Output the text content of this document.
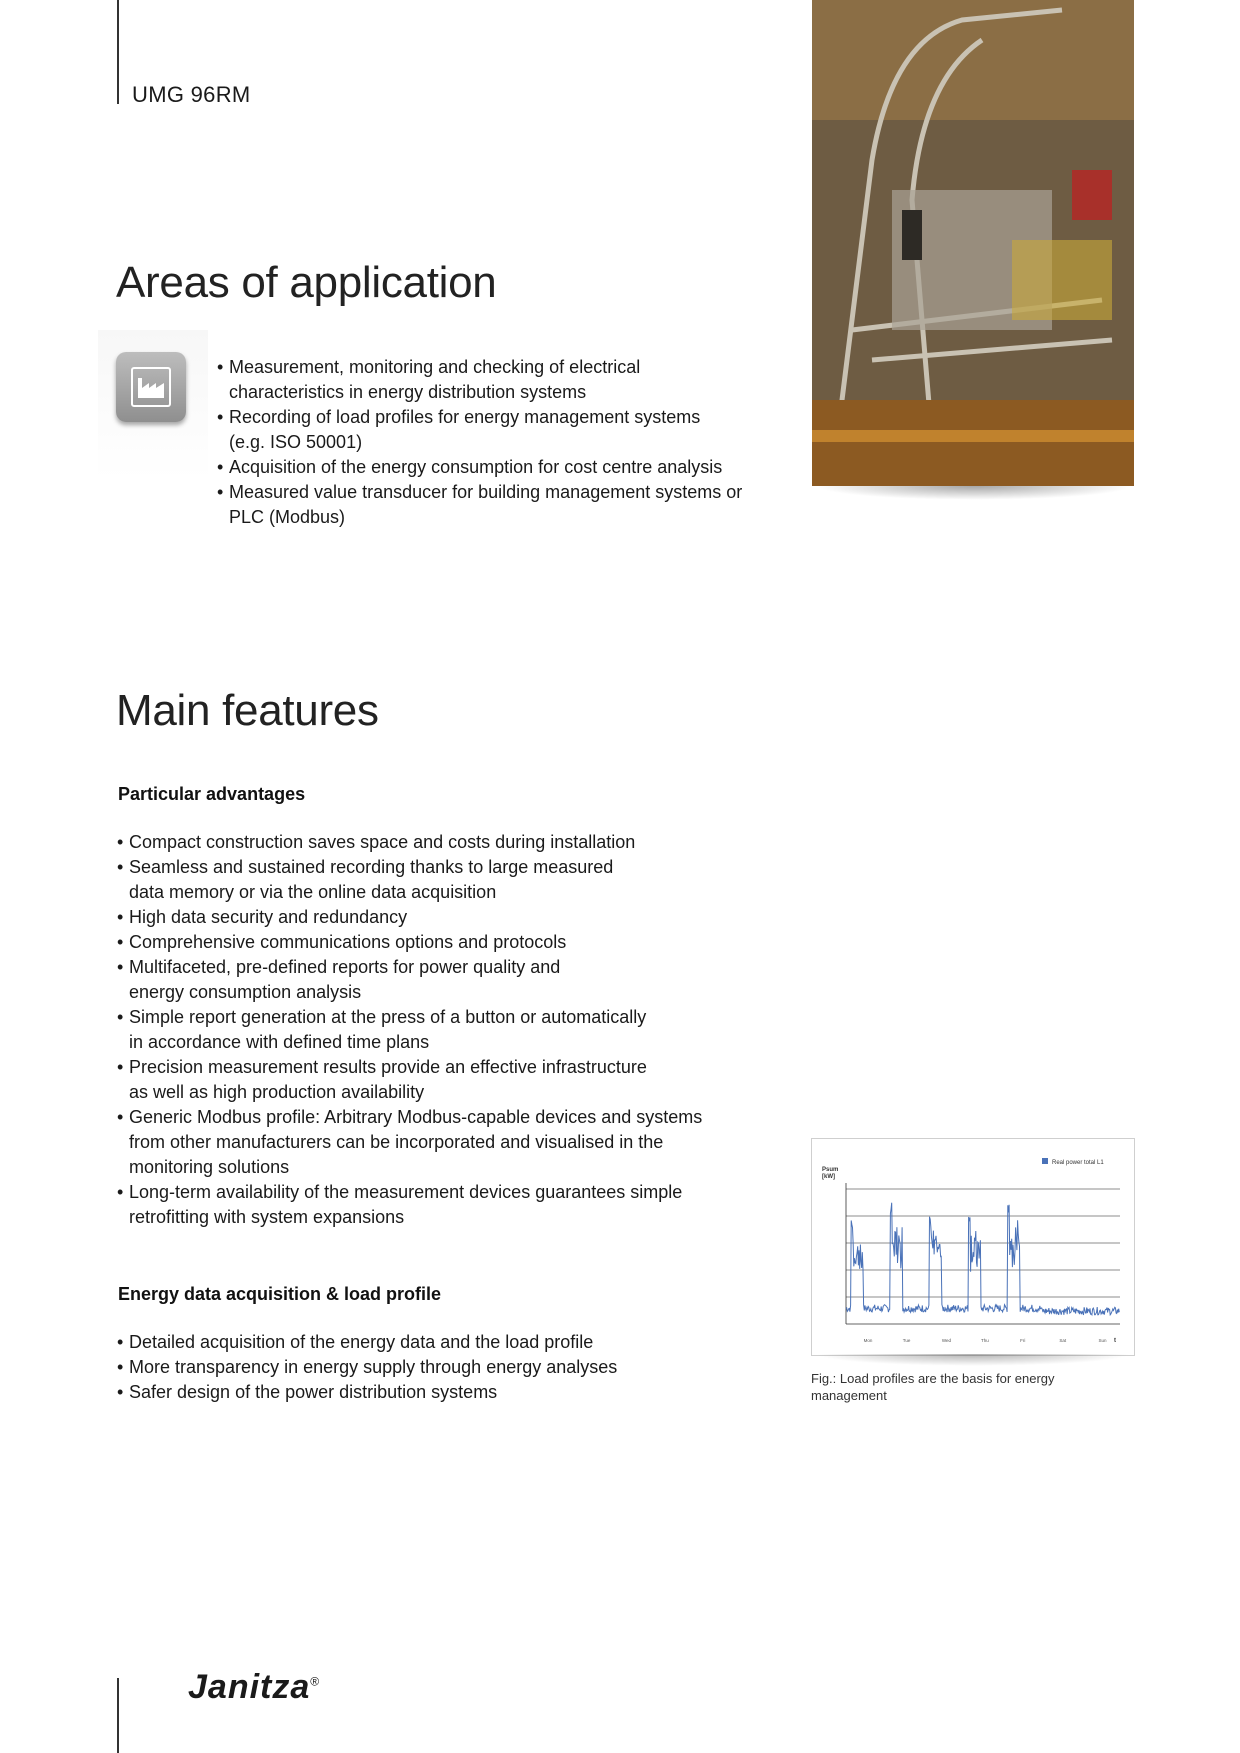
UMG 96RM
Areas of application
• Measurement, monitoring and checking of electrical
characteristics in energy distribution systems
• Recording of load profiles for energy management systems
(e.g. ISO 50001)
• Acquisition of the energy consumption for cost centre analysis
• Measured value transducer for building management systems or
PLC (Modbus)
Main features
Particular advantages
• Compact construction saves space and costs during installation
• Seamless and sustained recording thanks to large measured
data memory or via the online data acquisition
• High data security and redundancy
• Comprehensive communications options and protocols
• Multifaceted, pre-defined reports for power quality and
energy consumption analysis
• Simple report generation at the press of a button or automatically
in accordance with defined time plans
• Precision measurement results provide an effective infrastructure
as well as high production availability
• Generic Modbus profile: Arbitrary Modbus-capable devices and systems
from other manufacturers can be incorporated and visualised in the
monitoring solutions
• Long-term availability of the measurement devices guarantees simple
retrofitting with system expansions
Energy data acquisition & load profile
• Detailed acquisition of the energy data and the load profile
• More transparency in energy supply through energy analyses
• Safer design of the power distribution systems
Psum
[kW]
Real power total L1
Mon	Tue	Wed	Thu	Fri	Sat	Sun t
Fig.: Load profiles are the basis for energy
management
Janitza®
